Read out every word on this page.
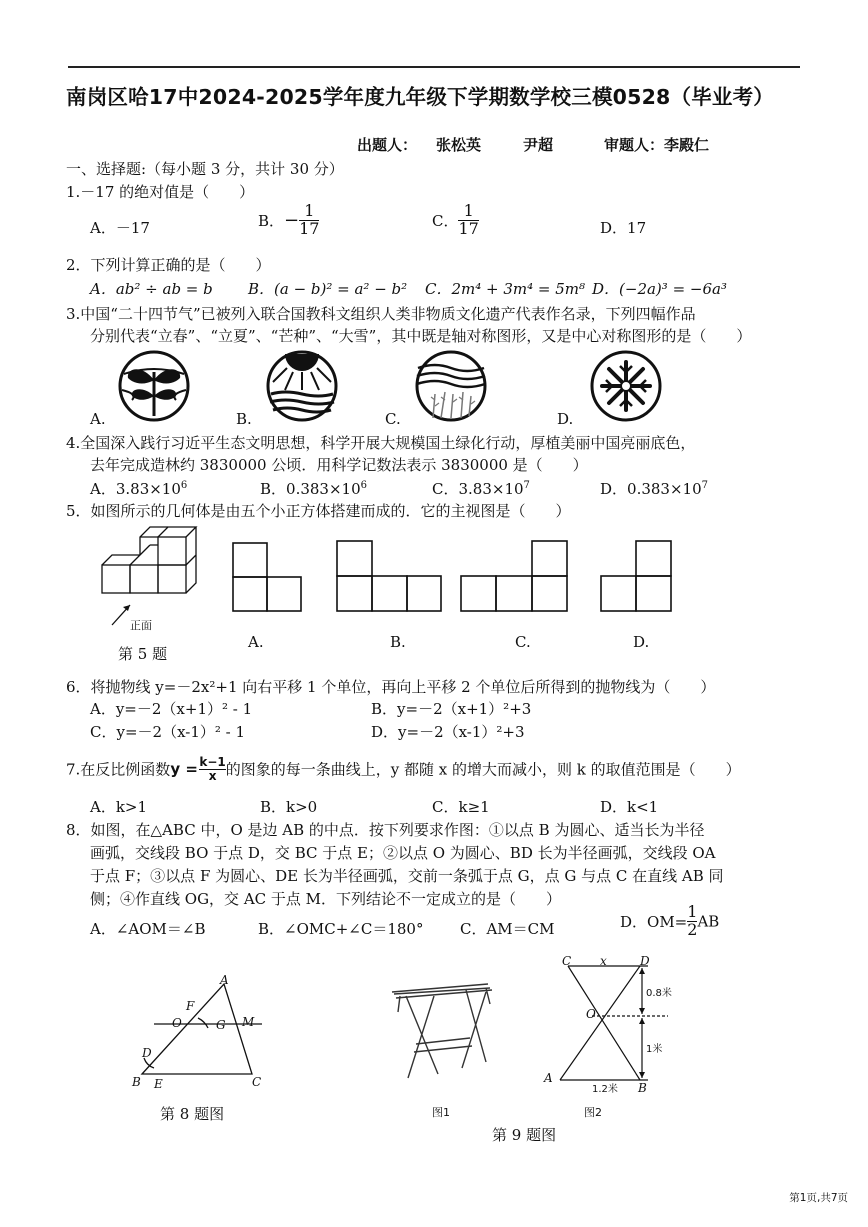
南岗区哈17中2024-2025学年度九年级下学期数学校三模0528（毕业考）
出题人： 张松英	尹超	审题人：李殿仁
一、选择题:（每小题 3 分，共计 30 分）
1.－17 的绝对值是（　　）
A．－17	B．− $\frac{1}{17}$	C． $\frac{1}{17}$	D．17
2．下列计算正确的是（　　）
A．ab² ÷ ab = b B．(a − b)² = a² − b² C．2m⁴ + 3m⁴ = 5m⁸ D．(−2a)³ = −6a³
3.中国“二十四节气”已被列入联合国教科文组织人类非物质文化遗产代表作名录，下列四幅作品
分别代表“立春”、“立夏”、“芒种”、“大雪”，其中既是轴对称图形，又是中心对称图形的是（　　）
A.	B.	C.	D.
4.全国深入践行习近平生态文明思想，科学开展大规模国土绿化行动，厚植美丽中国亮丽底色，
去年完成造林约 3830000 公顷．用科学记数法表示 3830000 是（　　）
A．$3.83\times 10^6$	B．$0.383\times 10^6$	C．$3.83\times 10^7$	D．$0.383\times 10^7$
5．如图所示的几何体是由五个小正方体搭建而成的．它的主视图是（　　）
正面
第 5 题
A.	B.	C.	D.
6．将抛物线 y=－2x²+1 向右平移 1 个单位，再向上平移 2 个单位后所得到的抛物线为（　　）
A．y=－2（x+1）² - 1	B．y=－2（x+1）²+3
C．y=－2（x-1）² - 1	D．y=－2（x-1）²+3
7.在反比例函数y =  $\frac{k-1}{x}$ 的图象的每一条曲线上，y 都随 x 的增大而减小，则 k 的取值范围是（　　）
A．k>1	B．k>0	C．k≥1	D．k<1
8．如图，在△ABC 中，O 是边 AB 的中点．按下列要求作图：①以点 B 为圆心、适当长为半径
画弧，交线段 BO 于点 D，交 BC 于点 E；②以点 O 为圆心、BD 长为半径画弧，交线段 OA
于点 F；③以点 F 为圆心、DE 长为半径画弧，交前一条弧于点 G，点 G 与点 C 在直线 AB 同
侧；④作直线 OG，交 AC 于点 M．下列结论不一定成立的是（　　）
A．∠AOM＝∠B	B．∠OMC+∠C＝180° C．AM＝CM	D．$OM= \frac{1}{2}$ AB
A
F
O	G M
D
B E	C
第 8 题图	图1
C x	D
O
A
B
0.8米
1米
1.2米
图2
第 9 题图
第1页,共7页
